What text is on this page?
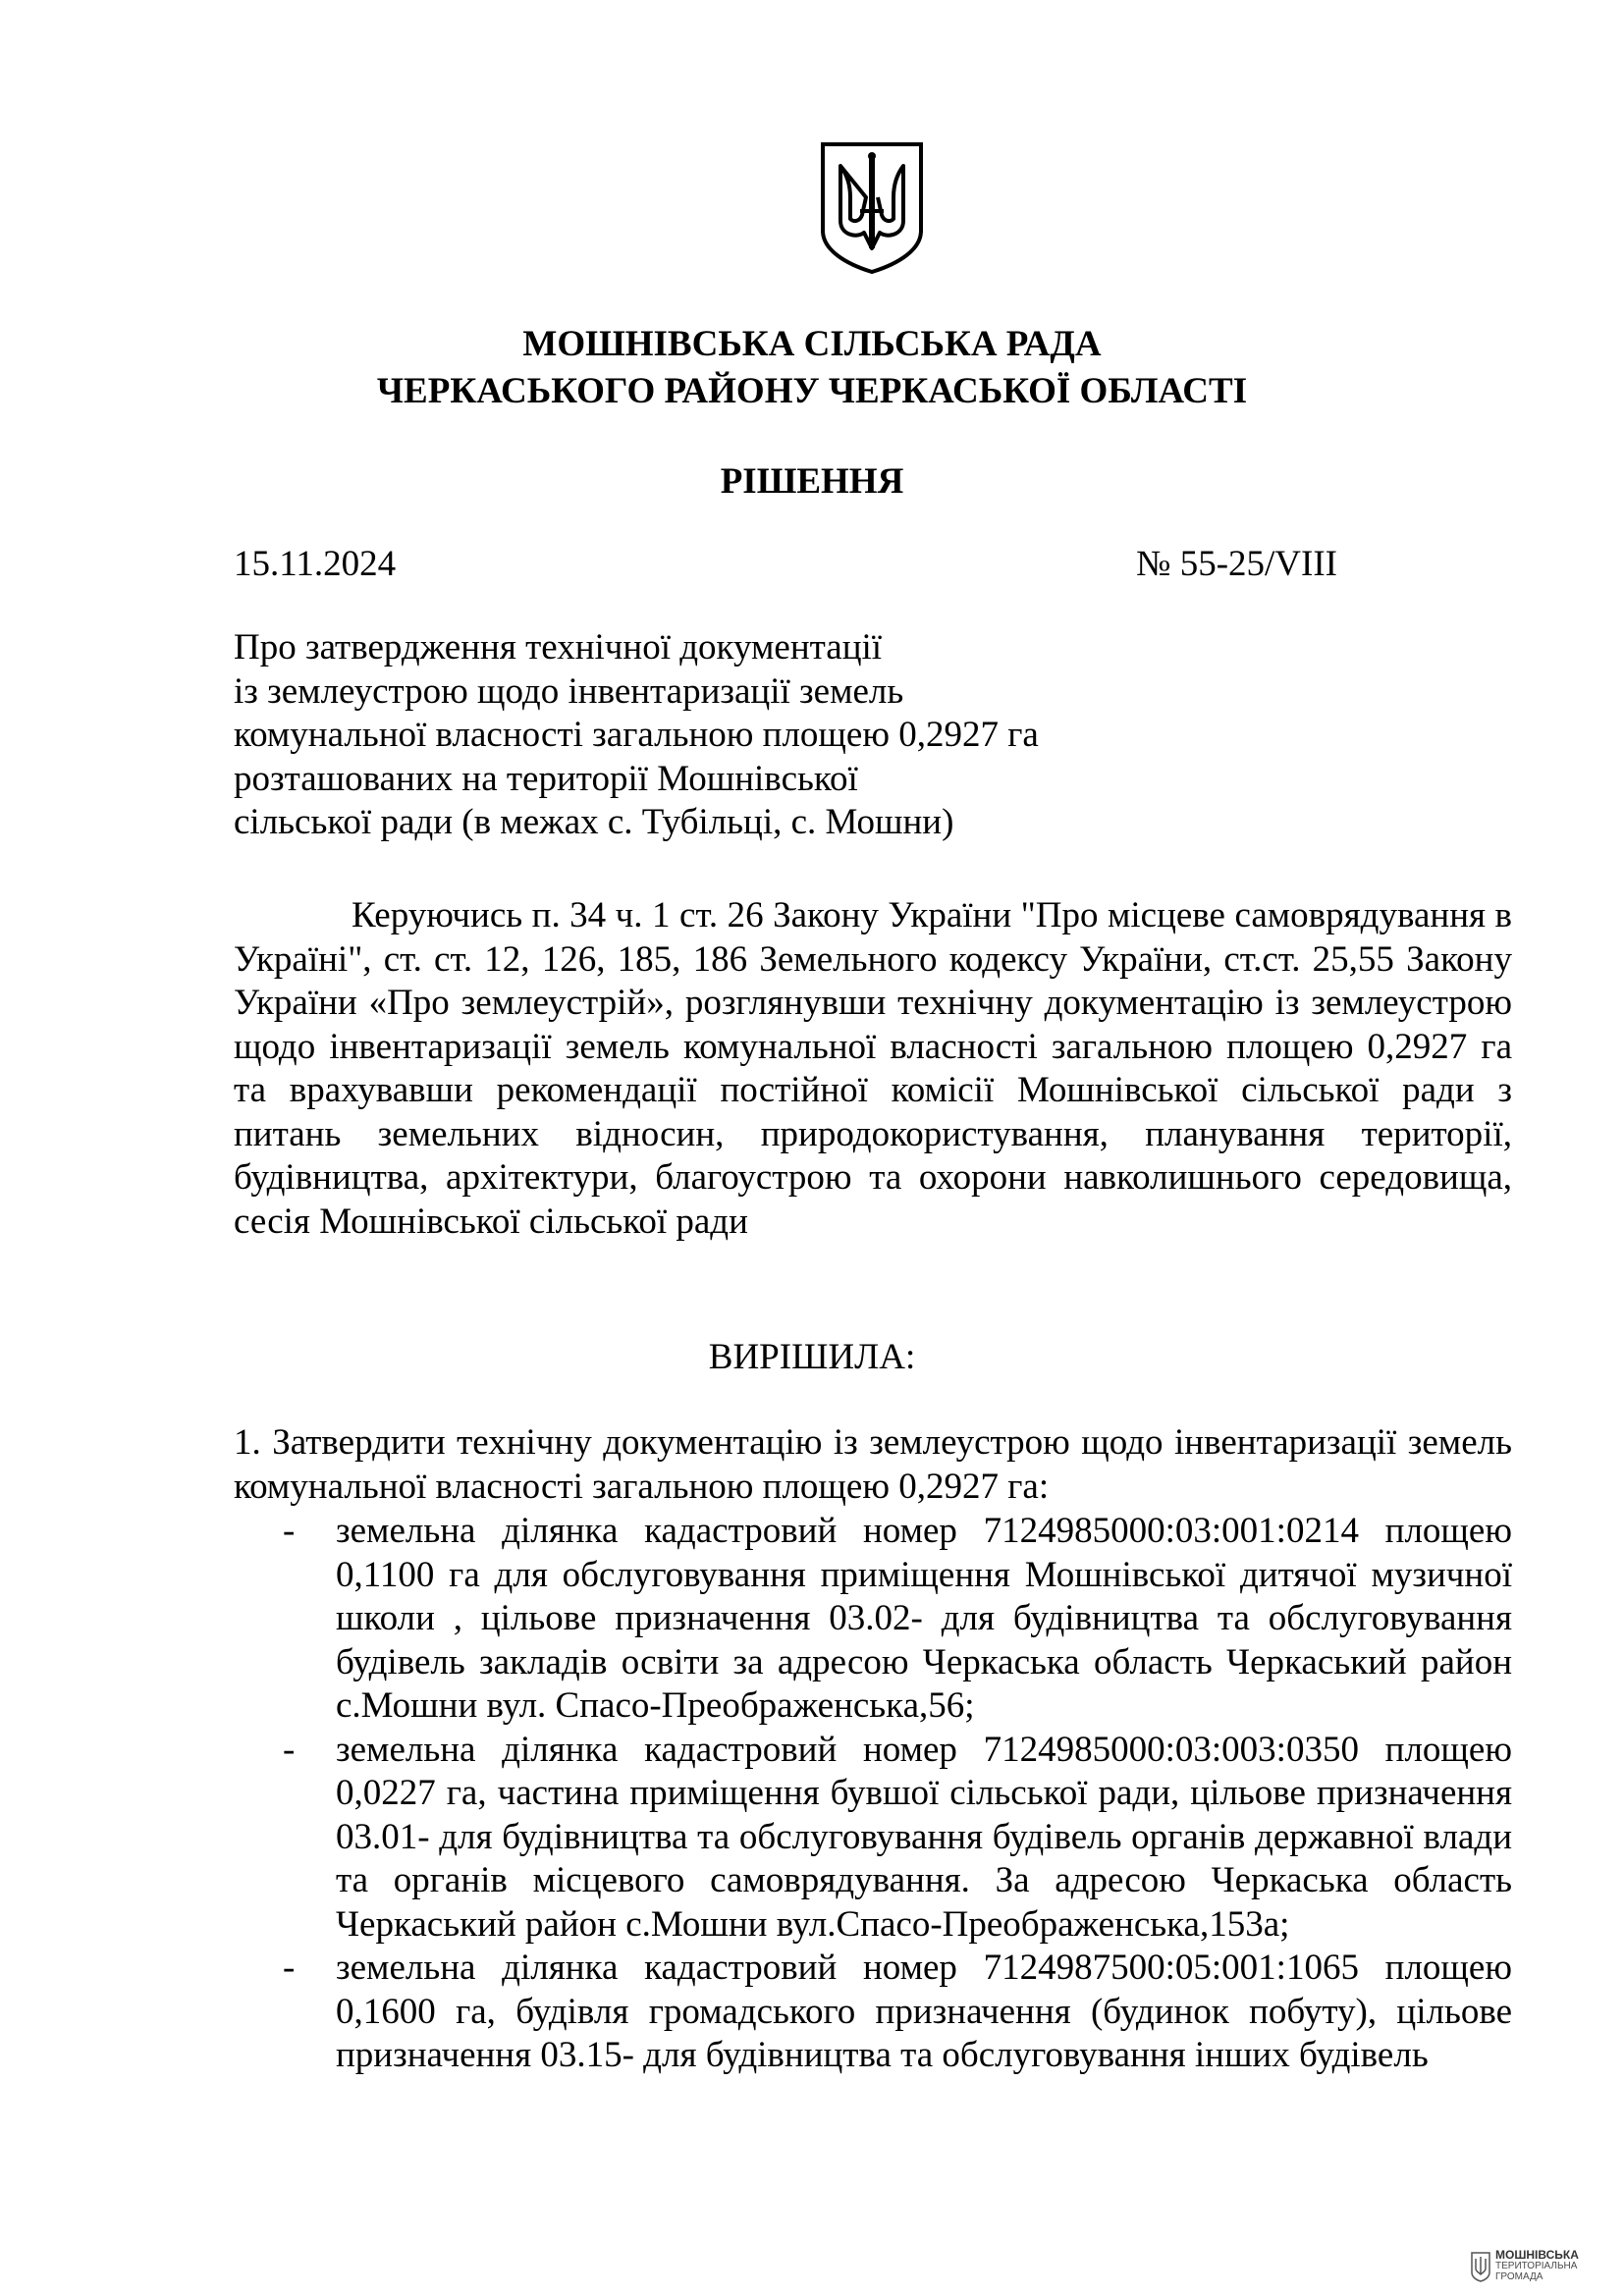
МОШНІВСЬКА СІЛЬСЬКА РАДА
ЧЕРКАСЬКОГО РАЙОНУ ЧЕРКАСЬКОЇ ОБЛАСТІ
РІШЕННЯ
15.11.2024	№ 55-25/VIII
Про затвердження технічної документації
із землеустрою щодо інвентаризації земель
комунальної власності загальною площею 0,2927 га
розташованих на території Мошнівської
сільської ради (в межах с. Тубільці, с. Мошни)
Керуючись п. 34 ч. 1 ст. 26 Закону України "Про місцеве самоврядування в Україні", ст. ст. 12, 126, 185, 186 Земельного кодексу України, ст.ст. 25,55 Закону України «Про землеустрій», розглянувши технічну документацію із землеустрою щодо інвентаризації земель комунальної власності загальною площею 0,2927 га та врахувавши рекомендації постійної комісії Мошнівської сільської ради з питань земельних відносин, природокористування, планування території, будівництва, архітектури, благоустрою та охорони навколишнього середовища, сесія Мошнівської сільської ради
ВИРІШИЛА:
1. Затвердити технічну документацію із землеустрою щодо інвентаризації земель комунальної власності загальною площею 0,2927 га:
- земельна ділянка кадастровий номер 7124985000:03:001:0214 площею 0,1100 га для обслуговування приміщення Мошнівської дитячої музичної школи , цільове призначення 03.02- для будівництва та обслуговування будівель закладів освіти за адресою Черкаська область Черкаський район с.Мошни вул. Спасо-Преображенська,56;
- земельна ділянка кадастровий номер 7124985000:03:003:0350 площею 0,0227 га, частина приміщення бувшої сільської ради, цільове призначення 03.01- для будівництва та обслуговування будівель органів державної влади та органів місцевого самоврядування. За адресою Черкаська область Черкаський район с.Мошни вул.Спасо-Преображенська,153а;
- земельна ділянка кадастровий номер 7124987500:05:001:1065 площею 0,1600 га, будівля громадського призначення (будинок побуту), цільове призначення 03.15- для будівництва та обслуговування інших будівель
МОШНІВСЬКА
ТЕРИТОРІАЛЬНА
ГРОМАДА
